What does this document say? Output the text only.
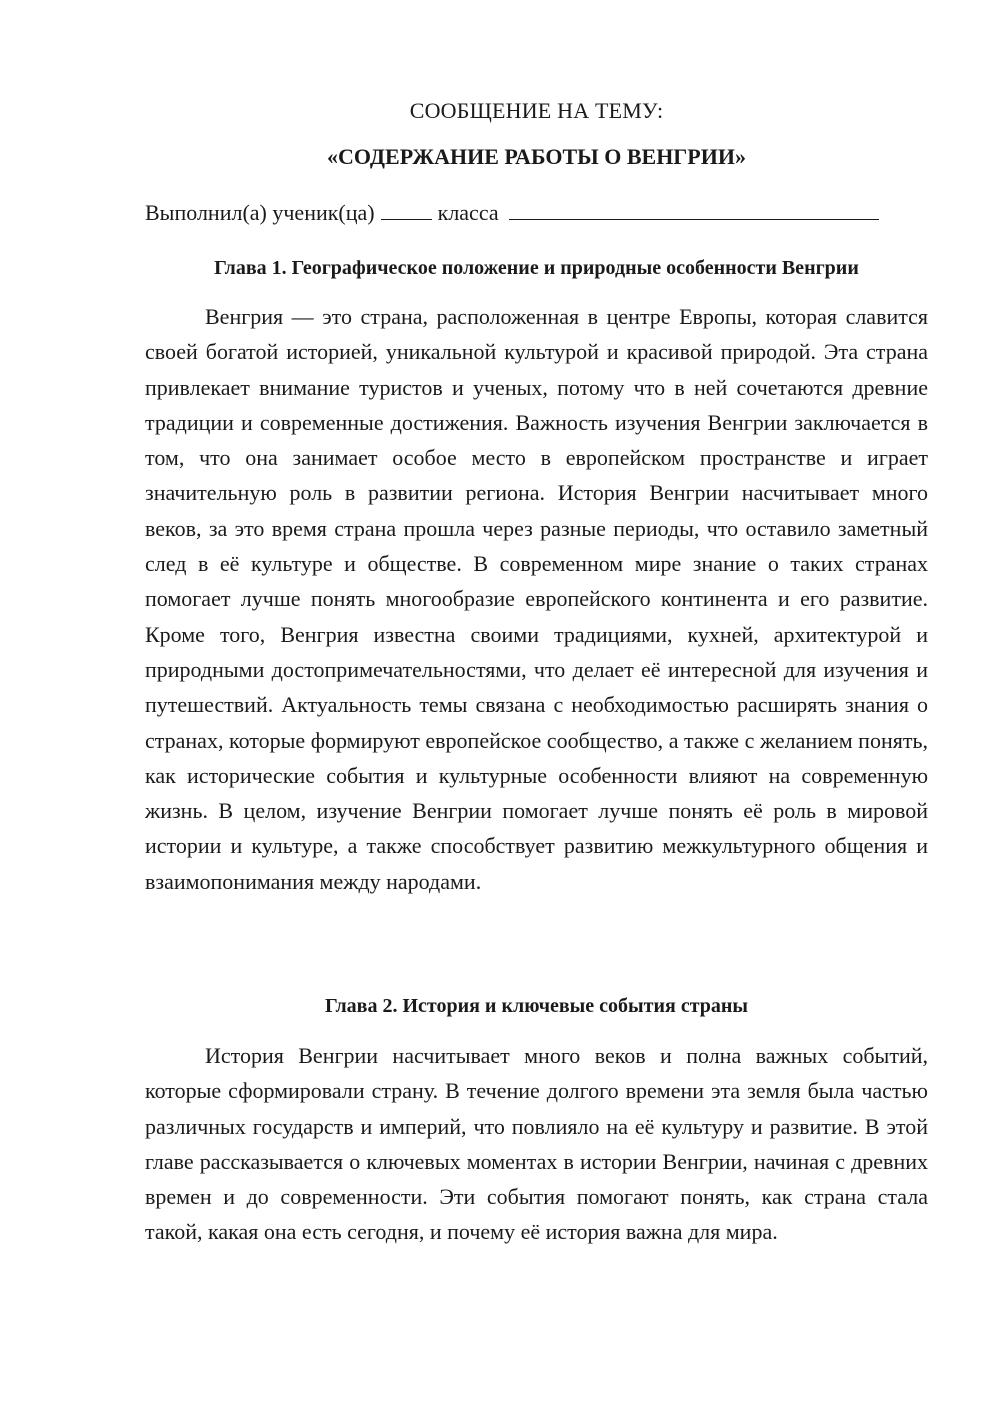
СООБЩЕНИЕ НА ТЕМУ:
«СОДЕРЖАНИЕ РАБОТЫ О ВЕНГРИИ»
Выполнил(а) ученик(ца)	класса
Глава 1. Географическое положение и природные особенности Венгрии

Венгрия — это страна, расположенная в центре Европы, которая славится своей богатой историей, уникальной культурой и красивой природой. Эта страна привлекает внимание туристов и ученых, потому что в ней сочетаются древние традиции и современные достижения. Важность изучения Венгрии заключается в том, что она занимает особое место в европейском пространстве и играет значительную роль в развитии региона. История Венгрии насчитывает много веков, за это время страна прошла через разные периоды, что оставило заметный след в её культуре и обществе. В современном мире знание о таких странах помогает лучше понять многообразие европейского континента и его развитие. Кроме того, Венгрия известна своими традициями, кухней, архитектурой и природными достопримечательностями, что делает её интересной для изучения и путешествий. Актуальность темы связана с необходимостью расширять знания о странах, которые формируют европейское сообщество, а также с желанием понять, как исторические события и культурные особенности влияют на современную жизнь. В целом, изучение Венгрии помогает лучше понять её роль в мировой истории и культуре, а также способствует развитию межкультурного общения и взаимопонимания между народами.

Глава 2. История и ключевые события страны

История Венгрии насчитывает много веков и полна важных событий, которые сформировали страну. В течение долгого времени эта земля была частью различных государств и империй, что повлияло на её культуру и развитие. В этой главе рассказывается о ключевых моментах в истории Венгрии, начиная с древних времен и до современности. Эти события помогают понять, как страна стала такой, какая она есть сегодня, и почему её история важна для мира.
